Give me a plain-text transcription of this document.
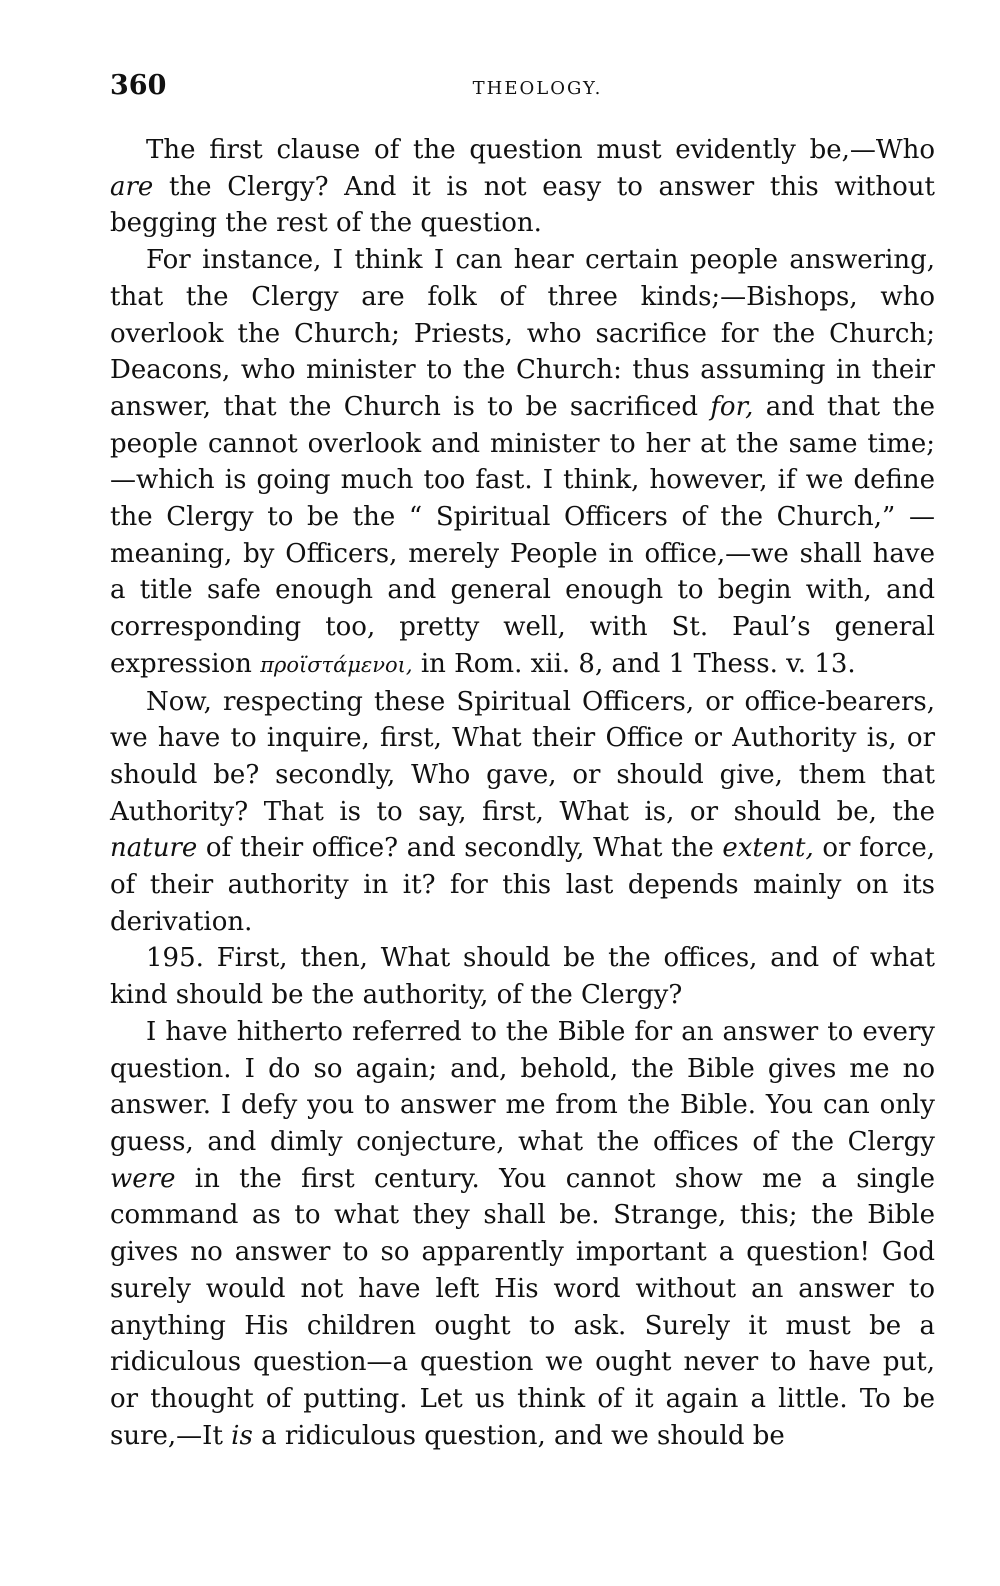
360	THEOLOGY.

The first clause of the question must evidently be,—Who are the Clergy? And it is not easy to answer this without begging the rest of the question.

For instance, I think I can hear certain people answering, that the Clergy are folk of three kinds;—Bishops, who overlook the Church; Priests, who sacrifice for the Church; Deacons, who minister to the Church: thus assuming in their answer, that the Church is to be sacrificed for, and that the people cannot overlook and minister to her at the same time; —which is going much too fast. I think, however, if we define the Clergy to be the “ Spiritual Officers of the Church,” —meaning, by Officers, merely People in office,—we shall have a title safe enough and general enough to begin with, and corresponding too, pretty well, with St. Paul’s general expression προϊστάμενοι, in Rom. xii. 8, and 1 Thess. v. 13.

Now, respecting these Spiritual Officers, or office-bearers, we have to inquire, first, What their Office or Authority is, or should be? secondly, Who gave, or should give, them that Authority? That is to say, first, What is, or should be, the nature of their office? and secondly, What the extent, or force, of their authority in it? for this last depends mainly on its derivation.

195. First, then, What should be the offices, and of what kind should be the authority, of the Clergy?

I have hitherto referred to the Bible for an answer to every question. I do so again; and, behold, the Bible gives me no answer. I defy you to answer me from the Bible. You can only guess, and dimly conjecture, what the offices of the Clergy were in the first century. You cannot show me a single command as to what they shall be. Strange, this; the Bible gives no answer to so apparently important a question! God surely would not have left His word without an answer to anything His children ought to ask. Surely it must be a ridiculous question—a question we ought never to have put, or thought of putting. Let us think of it again a little. To be sure,—It is a ridiculous question, and we should be
